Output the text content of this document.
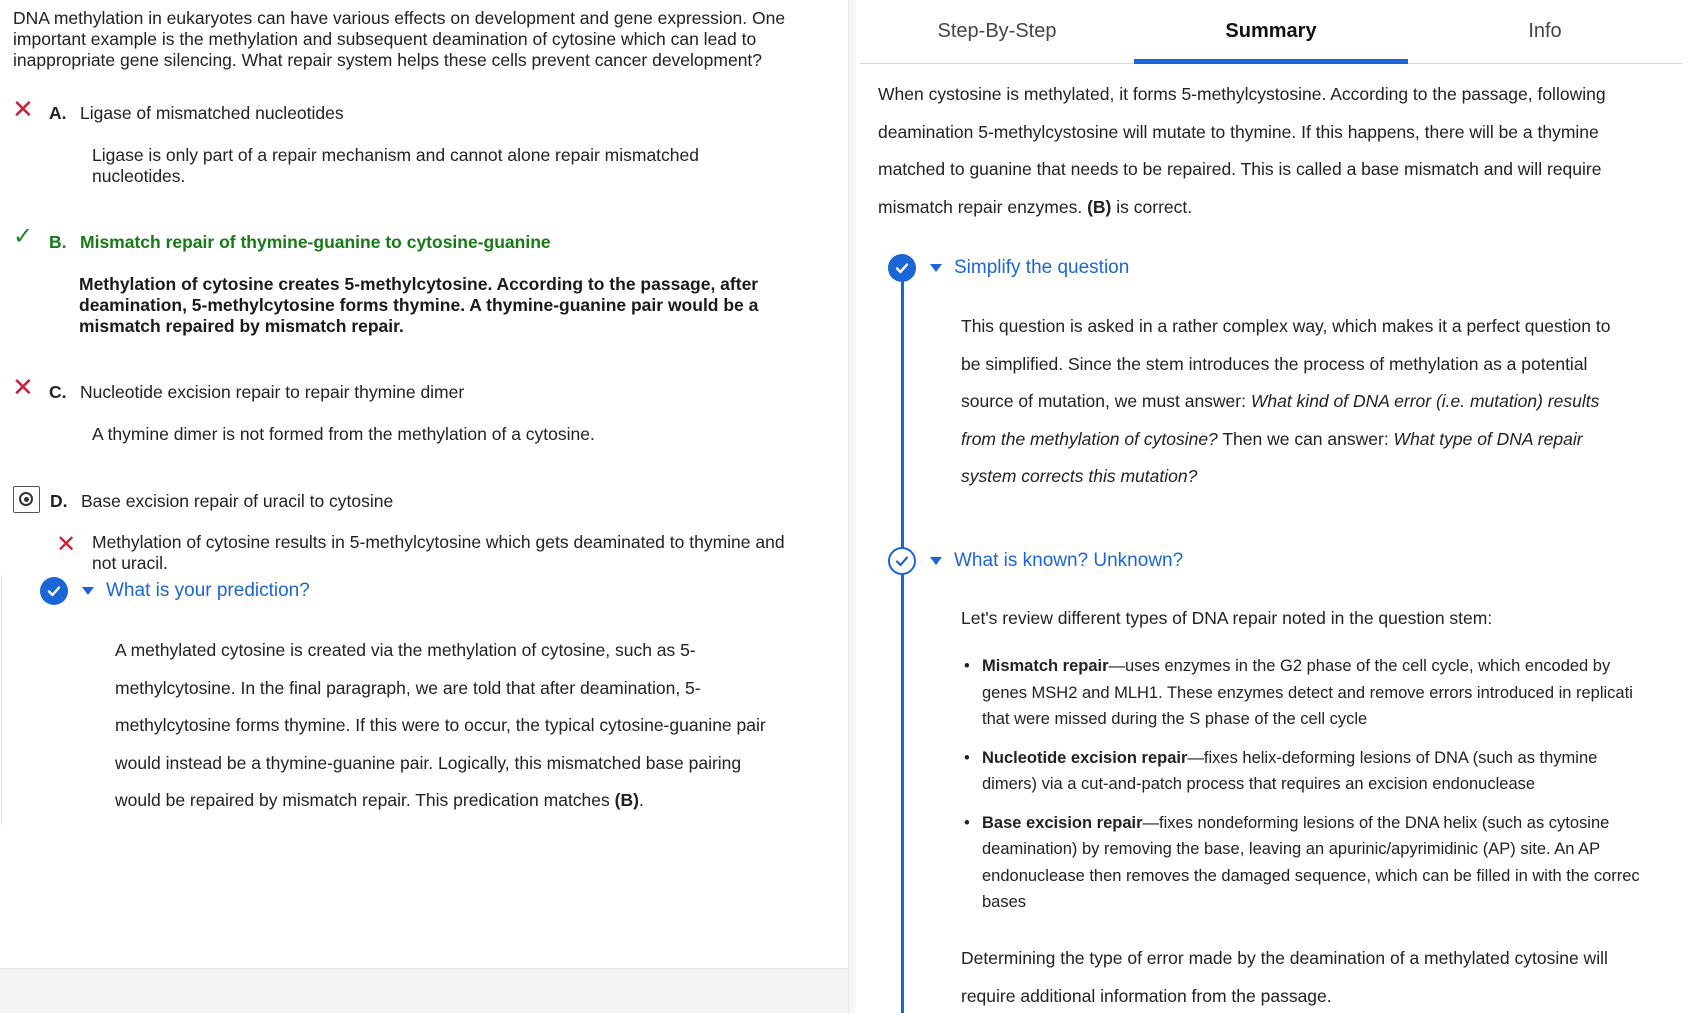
DNA methylation in eukaryotes can have various effects on development and gene expression. One
important example is the methylation and subsequent deamination of cytosine which can lead to
inappropriate gene silencing. What repair system helps these cells prevent cancer development?
✕ A. Ligase of mismatched nucleotides
Ligase is only part of a repair mechanism and cannot alone repair mismatched
nucleotides.
✓ B. Mismatch repair of thymine-guanine to cytosine-guanine
Methylation of cytosine creates 5-methylcytosine. According to the passage, after
deamination, 5-methylcytosine forms thymine. A thymine-guanine pair would be a
mismatch repaired by mismatch repair.
✕ C. Nucleotide excision repair to repair thymine dimer
A thymine dimer is not formed from the methylation of a cytosine.
D. Base excision repair of uracil to cytosine
✕ Methylation of cytosine results in 5-methylcytosine which gets deaminated to thymine and
not uracil.
What is your prediction?
A methylated cytosine is created via the methylation of cytosine, such as 5-
methylcytosine. In the final paragraph, we are told that after deamination, 5-
methylcytosine forms thymine. If this were to occur, the typical cytosine-guanine pair
would instead be a thymine-guanine pair. Logically, this mismatched base pairing
would be repaired by mismatch repair. This predication matches (B).
Step-By-Step	Summary	Info
When cystosine is methylated, it forms 5-methylcystosine. According to the passage, following
deamination 5-methylcystosine will mutate to thymine. If this happens, there will be a thymine
matched to guanine that needs to be repaired. This is called a base mismatch and will require
mismatch repair enzymes. (B) is correct.
Simplify the question
This question is asked in a rather complex way, which makes it a perfect question to
be simplified. Since the stem introduces the process of methylation as a potential
source of mutation, we must answer: What kind of DNA error (i.e. mutation) results
from the methylation of cytosine? Then we can answer: What type of DNA repair
system corrects this mutation?
What is known? Unknown?
Let's review different types of DNA repair noted in the question stem:
• Mismatch repair—uses enzymes in the G2 phase of the cell cycle, which encoded by
genes MSH2 and MLH1. These enzymes detect and remove errors introduced in replicati
that were missed during the S phase of the cell cycle
• Nucleotide excision repair—fixes helix-deforming lesions of DNA (such as thymine
dimers) via a cut-and-patch process that requires an excision endonuclease
• Base excision repair—fixes nondeforming lesions of the DNA helix (such as cytosine
deamination) by removing the base, leaving an apurinic/apyrimidinic (AP) site. An AP
endonuclease then removes the damaged sequence, which can be filled in with the correc
bases
Determining the type of error made by the deamination of a methylated cytosine will
require additional information from the passage.
